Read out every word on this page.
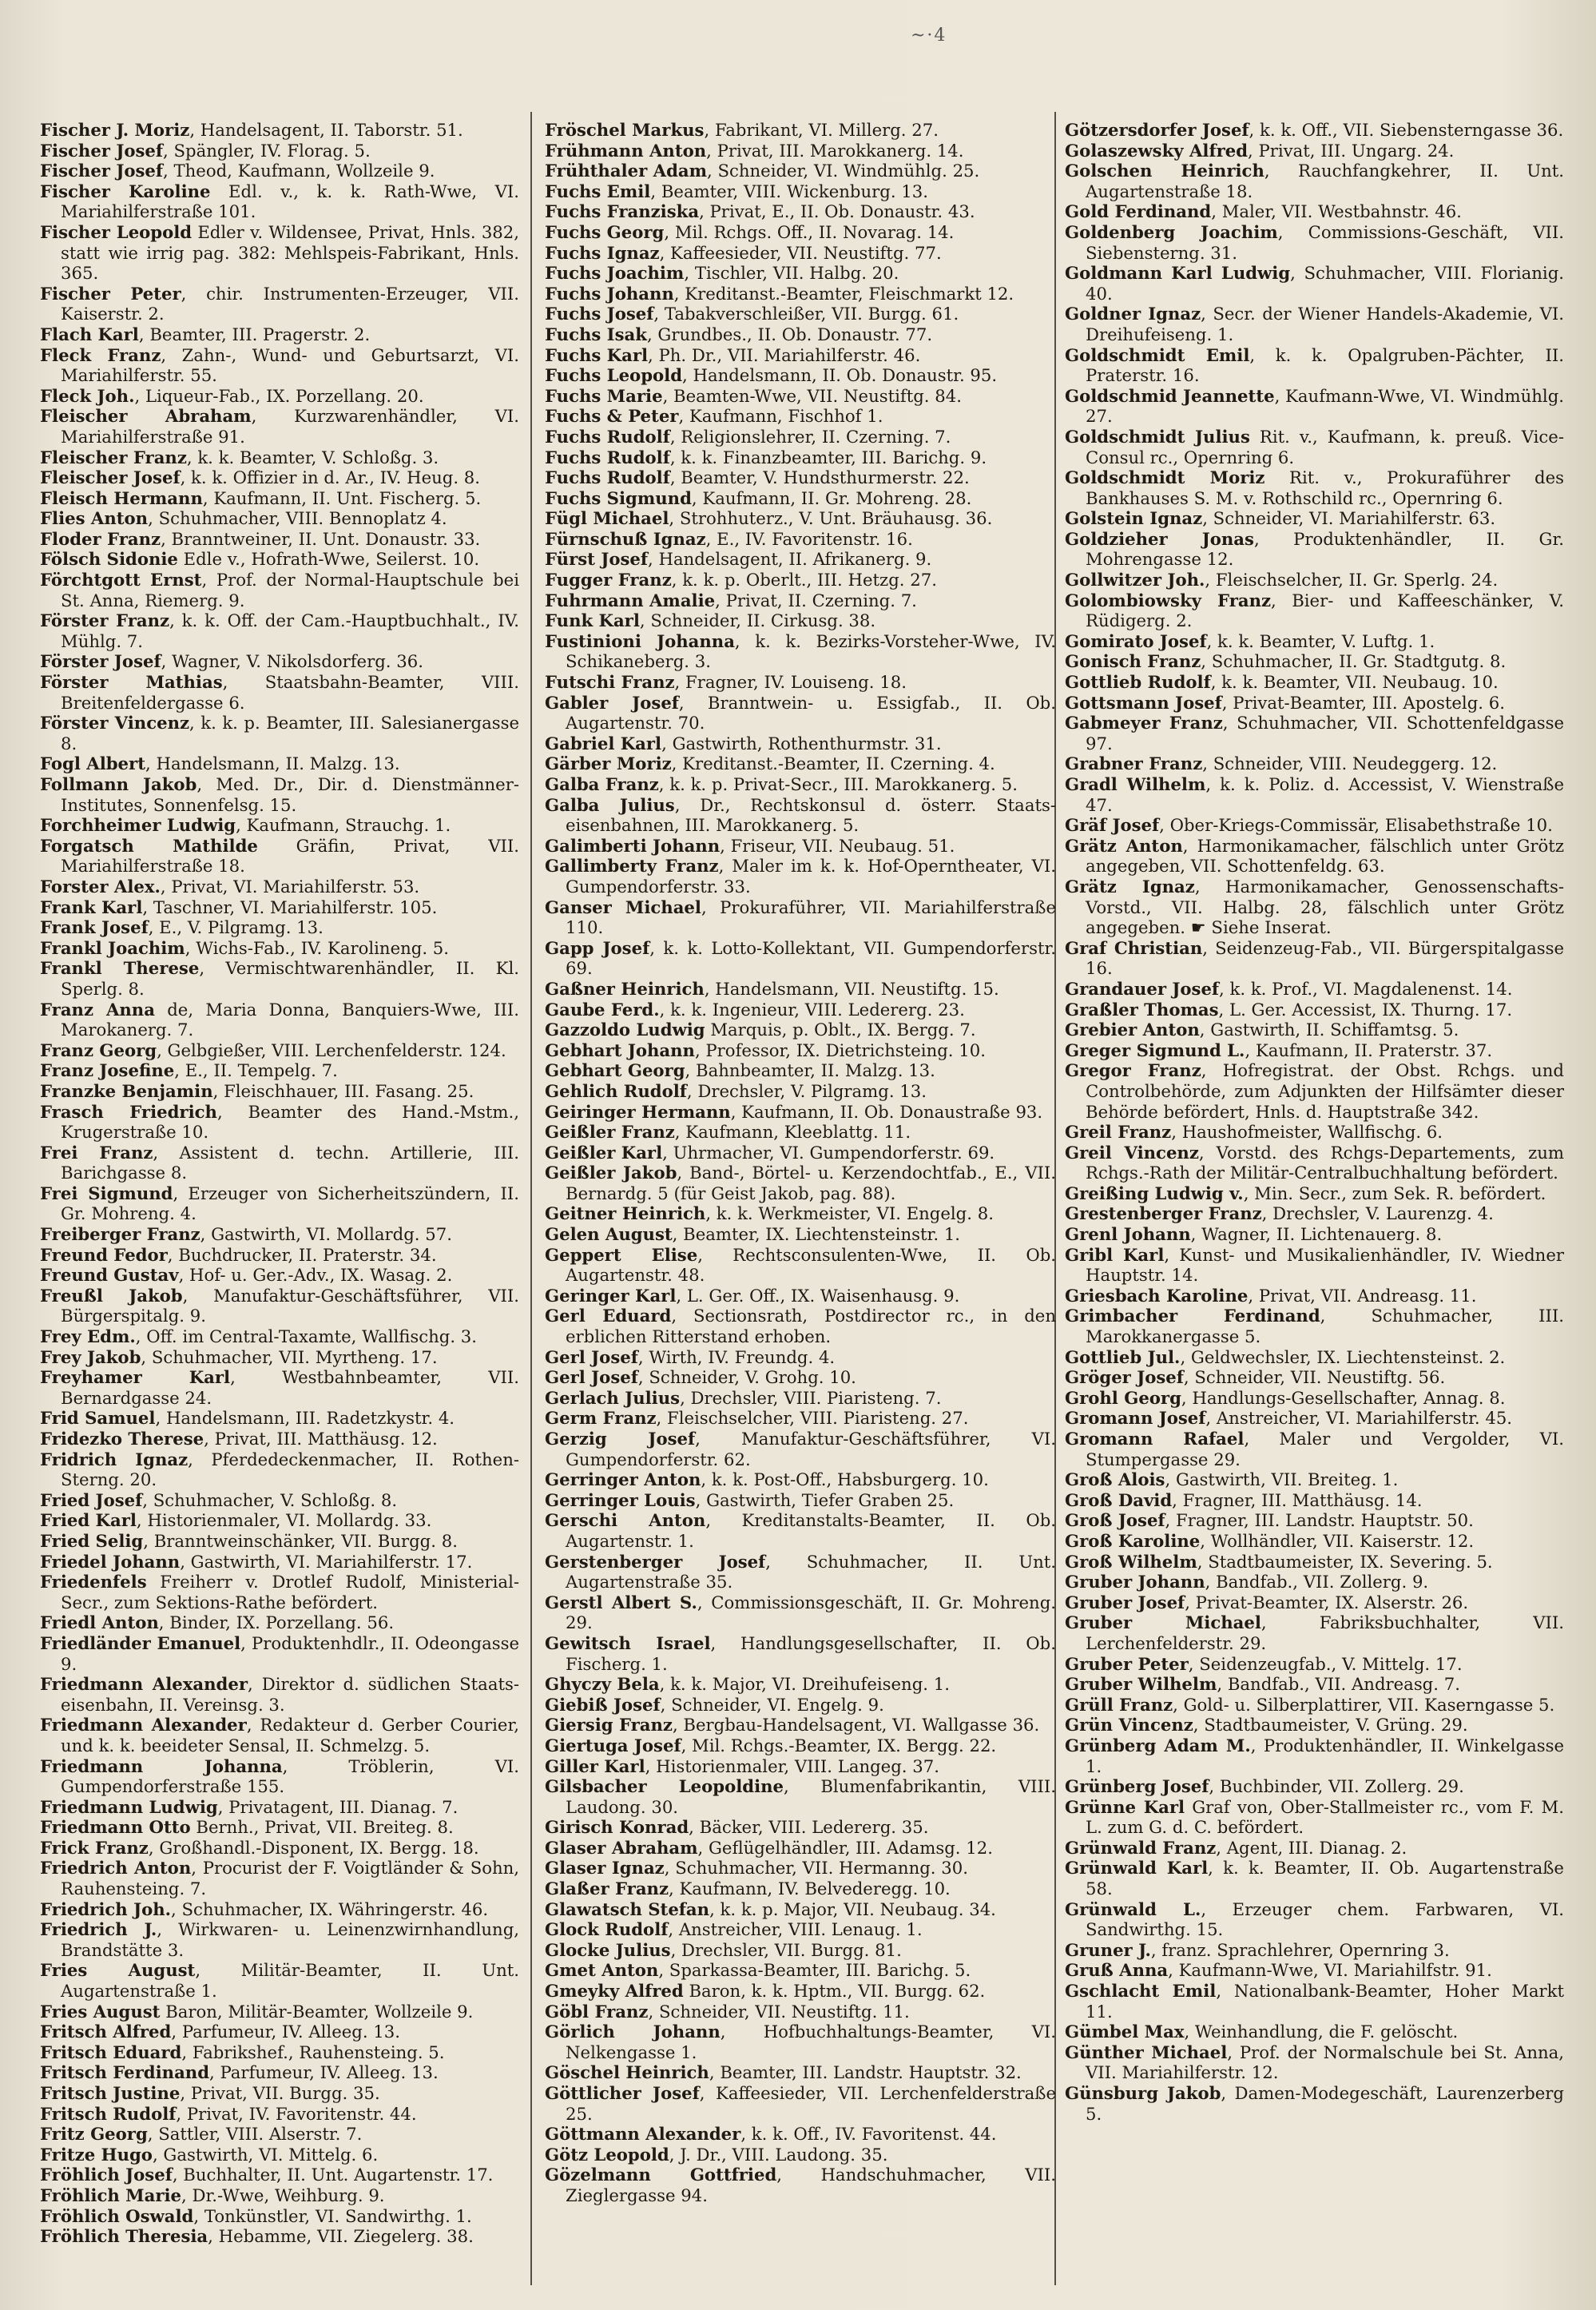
~·4
Fischer J. Moriz, Handelsagent, II. Taborstr. 51.
Fischer Josef, Spängler, IV. Florag. 5.
Fischer Josef, Theod, Kaufmann, Wollzeile 9.
Fischer Karoline Edl. v., k. k. Rath-Wwe, VI. Mariahilferstraße 101.
Fischer Leopold Edler v. Wildensee, Privat, Hnls. 382, statt wie irrig pag. 382: Mehlspeis-Fabrikant, Hnls. 365.
Fischer Peter, chir. Instrumenten-Erzeuger, VII. Kaiserstr. 2.
Flach Karl, Beamter, III. Pragerstr. 2.
Fleck Franz, Zahn-, Wund- und Geburtsarzt, VI. Mariahilferstr. 55.
Fleck Joh., Liqueur-Fab., IX. Porzellang. 20.
Fleischer Abraham, Kurzwarenhändler, VI. Mariahilferstraße 91.
Fleischer Franz, k. k. Beamter, V. Schloßg. 3.
Fleischer Josef, k. k. Offizier in d. Ar., IV. Heug. 8.
Fleisch Hermann, Kaufmann, II. Unt. Fischerg. 5.
Flies Anton, Schuhmacher, VIII. Bennoplatz 4.
Floder Franz, Branntweiner, II. Unt. Donaustr. 33.
Fölsch Sidonie Edle v., Hofrath-Wwe, Seilerst. 10.
Förchtgott Ernst, Prof. der Normal-Hauptschule bei St. Anna, Riemerg. 9.
Förster Franz, k. k. Off. der Cam.-Hauptbuchhalt., IV. Mühlg. 7.
Förster Josef, Wagner, V. Nikolsdorferg. 36.
Förster Mathias, Staatsbahn-Beamter, VIII. Breitenfeldergasse 6.
Förster Vincenz, k. k. p. Beamter, III. Salesianergasse 8.
Fogl Albert, Handelsmann, II. Malzg. 13.
Follmann Jakob, Med. Dr., Dir. d. Dienstmänner-Institutes, Sonnenfelsg. 15.
Forchheimer Ludwig, Kaufmann, Strauchg. 1.
Forgatsch Mathilde Gräfin, Privat, VII. Mariahilferstraße 18.
Forster Alex., Privat, VI. Mariahilferstr. 53.
Frank Karl, Taschner, VI. Mariahilferstr. 105.
Frank Josef, E., V. Pilgramg. 13.
Frankl Joachim, Wichs-Fab., IV. Karolineng. 5.
Frankl Therese, Vermischtwarenhändler, II. Kl. Sperlg. 8.
Franz Anna de, Maria Donna, Banquiers-Wwe, III. Marokanerg. 7.
Franz Georg, Gelbgießer, VIII. Lerchenfelderstr. 124.
Franz Josefine, E., II. Tempelg. 7.
Franzke Benjamin, Fleischhauer, III. Fasang. 25.
Frasch Friedrich, Beamter des Hand.-Mstm., Krugerstraße 10.
Frei Franz, Assistent d. techn. Artillerie, III. Barichgasse 8.
Frei Sigmund, Erzeuger von Sicherheitszündern, II. Gr. Mohreng. 4.
Freiberger Franz, Gastwirth, VI. Mollardg. 57.
Freund Fedor, Buchdrucker, II. Praterstr. 34.
Freund Gustav, Hof- u. Ger.-Adv., IX. Wasag. 2.
Freußl Jakob, Manufaktur-Geschäftsführer, VII. Bürgerspitalg. 9.
Frey Edm., Off. im Central-Taxamte, Wallfischg. 3.
Frey Jakob, Schuhmacher, VII. Myrtheng. 17.
Freyhamer Karl, Westbahnbeamter, VII. Bernardgasse 24.
Frid Samuel, Handelsmann, III. Radetzkystr. 4.
Fridezko Therese, Privat, III. Matthäusg. 12.
Fridrich Ignaz, Pferdedeckenmacher, II. Rothen-Sterng. 20.
Fried Josef, Schuhmacher, V. Schloßg. 8.
Fried Karl, Historienmaler, VI. Mollardg. 33.
Fried Selig, Branntweinschänker, VII. Burgg. 8.
Friedel Johann, Gastwirth, VI. Mariahilferstr. 17.
Friedenfels Freiherr v. Drotlef Rudolf, Ministerial-Secr., zum Sektions-Rathe befördert.
Friedl Anton, Binder, IX. Porzellang. 56.
Friedländer Emanuel, Produktenhdlr., II. Odeongasse 9.
Friedmann Alexander, Direktor d. südlichen Staats-eisenbahn, II. Vereinsg. 3.
Friedmann Alexander, Redakteur d. Gerber Courier, und k. k. beeideter Sensal, II. Schmelzg. 5.
Friedmann Johanna, Tröblerin, VI. Gumpendorferstraße 155.
Friedmann Ludwig, Privatagent, III. Dianag. 7.
Friedmann Otto Bernh., Privat, VII. Breiteg. 8.
Frick Franz, Großhandl.-Disponent, IX. Bergg. 18.
Friedrich Anton, Procurist der F. Voigtländer & Sohn, Rauhensteing. 7.
Friedrich Joh., Schuhmacher, IX. Währingerstr. 46.
Friedrich J., Wirkwaren- u. Leinenzwirnhandlung, Brandstätte 3.
Fries August, Militär-Beamter, II. Unt. Augartenstraße 1.
Fries August Baron, Militär-Beamter, Wollzeile 9.
Fritsch Alfred, Parfumeur, IV. Alleeg. 13.
Fritsch Eduard, Fabrikshef., Rauhensteing. 5.
Fritsch Ferdinand, Parfumeur, IV. Alleeg. 13.
Fritsch Justine, Privat, VII. Burgg. 35.
Fritsch Rudolf, Privat, IV. Favoritenstr. 44.
Fritz Georg, Sattler, VIII. Alserstr. 7.
Fritze Hugo, Gastwirth, VI. Mittelg. 6.
Fröhlich Josef, Buchhalter, II. Unt. Augartenstr. 17.
Fröhlich Marie, Dr.-Wwe, Weihburg. 9.
Fröhlich Oswald, Tonkünstler, VI. Sandwirthg. 1.
Fröhlich Theresia, Hebamme, VII. Ziegelerg. 38.
Fröschel Markus, Fabrikant, VI. Millerg. 27.
Frühmann Anton, Privat, III. Marokkanerg. 14.
Frühthaler Adam, Schneider, VI. Windmühlg. 25.
Fuchs Emil, Beamter, VIII. Wickenburg. 13.
Fuchs Franziska, Privat, E., II. Ob. Donaustr. 43.
Fuchs Georg, Mil. Rchgs. Off., II. Novarag. 14.
Fuchs Ignaz, Kaffeesieder, VII. Neustiftg. 77.
Fuchs Joachim, Tischler, VII. Halbg. 20.
Fuchs Johann, Kreditanst.-Beamter, Fleischmarkt 12.
Fuchs Josef, Tabakverschleißer, VII. Burgg. 61.
Fuchs Isak, Grundbes., II. Ob. Donaustr. 77.
Fuchs Karl, Ph. Dr., VII. Mariahilferstr. 46.
Fuchs Leopold, Handelsmann, II. Ob. Donaustr. 95.
Fuchs Marie, Beamten-Wwe, VII. Neustiftg. 84.
Fuchs & Peter, Kaufmann, Fischhof 1.
Fuchs Rudolf, Religionslehrer, II. Czerning. 7.
Fuchs Rudolf, k. k. Finanzbeamter, III. Barichg. 9.
Fuchs Rudolf, Beamter, V. Hundsthurmerstr. 22.
Fuchs Sigmund, Kaufmann, II. Gr. Mohreng. 28.
Fügl Michael, Strohhuterz., V. Unt. Bräuhausg. 36.
Fürnschuß Ignaz, E., IV. Favoritenstr. 16.
Fürst Josef, Handelsagent, II. Afrikanerg. 9.
Fugger Franz, k. k. p. Oberlt., III. Hetzg. 27.
Fuhrmann Amalie, Privat, II. Czerning. 7.
Funk Karl, Schneider, II. Cirkusg. 38.
Fustinioni Johanna, k. k. Bezirks-Vorsteher-Wwe, IV. Schikaneberg. 3.
Futschi Franz, Fragner, IV. Louiseng. 18.
Gabler Josef, Branntwein- u. Essigfab., II. Ob. Augartenstr. 70.
Gabriel Karl, Gastwirth, Rothenthurmstr. 31.
Gärber Moriz, Kreditanst.-Beamter, II. Czerning. 4.
Galba Franz, k. k. p. Privat-Secr., III. Marokkanerg. 5.
Galba Julius, Dr., Rechtskonsul d. österr. Staats-eisenbahnen, III. Marokkanerg. 5.
Galimberti Johann, Friseur, VII. Neubaug. 51.
Gallimberty Franz, Maler im k. k. Hof-Operntheater, VI. Gumpendorferstr. 33.
Ganser Michael, Prokuraführer, VII. Mariahilferstraße 110.
Gapp Josef, k. k. Lotto-Kollektant, VII. Gumpendorferstr. 69.
Gaßner Heinrich, Handelsmann, VII. Neustiftg. 15.
Gaube Ferd., k. k. Ingenieur, VIII. Ledererg. 23.
Gazzoldo Ludwig Marquis, p. Oblt., IX. Bergg. 7.
Gebhart Johann, Professor, IX. Dietrichsteing. 10.
Gebhart Georg, Bahnbeamter, II. Malzg. 13.
Gehlich Rudolf, Drechsler, V. Pilgramg. 13.
Geiringer Hermann, Kaufmann, II. Ob. Donaustraße 93.
Geißler Franz, Kaufmann, Kleeblattg. 11.
Geißler Karl, Uhrmacher, VI. Gumpendorferstr. 69.
Geißler Jakob, Band-, Börtel- u. Kerzendochtfab., E., VII. Bernardg. 5 (für Geist Jakob, pag. 88).
Geitner Heinrich, k. k. Werkmeister, VI. Engelg. 8.
Gelen August, Beamter, IX. Liechtensteinstr. 1.
Geppert Elise, Rechtsconsulenten-Wwe, II. Ob. Augartenstr. 48.
Geringer Karl, L. Ger. Off., IX. Waisenhausg. 9.
Gerl Eduard, Sectionsrath, Postdirector rc., in den erblichen Ritterstand erhoben.
Gerl Josef, Wirth, IV. Freundg. 4.
Gerl Josef, Schneider, V. Grohg. 10.
Gerlach Julius, Drechsler, VIII. Piaristeng. 7.
Germ Franz, Fleischselcher, VIII. Piaristeng. 27.
Gerzig Josef, Manufaktur-Geschäftsführer, VI. Gumpendorferstr. 62.
Gerringer Anton, k. k. Post-Off., Habsburgerg. 10.
Gerringer Louis, Gastwirth, Tiefer Graben 25.
Gerschi Anton, Kreditanstalts-Beamter, II. Ob. Augartenstr. 1.
Gerstenberger Josef, Schuhmacher, II. Unt. Augartenstraße 35.
Gerstl Albert S., Commissionsgeschäft, II. Gr. Mohreng. 29.
Gewitsch Israel, Handlungsgesellschafter, II. Ob. Fischerg. 1.
Ghyczy Bela, k. k. Major, VI. Dreihufeiseng. 1.
Giebiß Josef, Schneider, VI. Engelg. 9.
Giersig Franz, Bergbau-Handelsagent, VI. Wallgasse 36.
Giertuga Josef, Mil. Rchgs.-Beamter, IX. Bergg. 22.
Giller Karl, Historienmaler, VIII. Langeg. 37.
Gilsbacher Leopoldine, Blumenfabrikantin, VIII. Laudong. 30.
Girisch Konrad, Bäcker, VIII. Ledererg. 35.
Glaser Abraham, Geflügelhändler, III. Adamsg. 12.
Glaser Ignaz, Schuhmacher, VII. Hermanng. 30.
Glaßer Franz, Kaufmann, IV. Belvederegg. 10.
Glawatsch Stefan, k. k. p. Major, VII. Neubaug. 34.
Glock Rudolf, Anstreicher, VIII. Lenaug. 1.
Glocke Julius, Drechsler, VII. Burgg. 81.
Gmet Anton, Sparkassa-Beamter, III. Barichg. 5.
Gmeyky Alfred Baron, k. k. Hptm., VII. Burgg. 62.
Göbl Franz, Schneider, VII. Neustiftg. 11.
Görlich Johann, Hofbuchhaltungs-Beamter, VI. Nelkengasse 1.
Göschel Heinrich, Beamter, III. Landstr. Hauptstr. 32.
Göttlicher Josef, Kaffeesieder, VII. Lerchenfelderstraße 25.
Göttmann Alexander, k. k. Off., IV. Favoritenst. 44.
Götz Leopold, J. Dr., VIII. Laudong. 35.
Gözelmann Gottfried, Handschuhmacher, VII. Zieglergasse 94.
Götzersdorfer Josef, k. k. Off., VII. Siebensterngasse 36.
Golaszewsky Alfred, Privat, III. Ungarg. 24.
Golschen Heinrich, Rauchfangkehrer, II. Unt. Augartenstraße 18.
Gold Ferdinand, Maler, VII. Westbahnstr. 46.
Goldenberg Joachim, Commissions-Geschäft, VII. Siebensterng. 31.
Goldmann Karl Ludwig, Schuhmacher, VIII. Florianig. 40.
Goldner Ignaz, Secr. der Wiener Handels-Akademie, VI. Dreihufeiseng. 1.
Goldschmidt Emil, k. k. Opalgruben-Pächter, II. Praterstr. 16.
Goldschmid Jeannette, Kaufmann-Wwe, VI. Windmühlg. 27.
Goldschmidt Julius Rit. v., Kaufmann, k. preuß. Vice-Consul rc., Opernring 6.
Goldschmidt Moriz Rit. v., Prokuraführer des Bankhauses S. M. v. Rothschild rc., Opernring 6.
Golstein Ignaz, Schneider, VI. Mariahilferstr. 63.
Goldzieher Jonas, Produktenhändler, II. Gr. Mohrengasse 12.
Gollwitzer Joh., Fleischselcher, II. Gr. Sperlg. 24.
Golombiowsky Franz, Bier- und Kaffeeschänker, V. Rüdigerg. 2.
Gomirato Josef, k. k. Beamter, V. Luftg. 1.
Gonisch Franz, Schuhmacher, II. Gr. Stadtgutg. 8.
Gottlieb Rudolf, k. k. Beamter, VII. Neubaug. 10.
Gottsmann Josef, Privat-Beamter, III. Apostelg. 6.
Gabmeyer Franz, Schuhmacher, VII. Schottenfeldgasse 97.
Grabner Franz, Schneider, VIII. Neudeggerg. 12.
Gradl Wilhelm, k. k. Poliz. d. Accessist, V. Wienstraße 47.
Gräf Josef, Ober-Kriegs-Commissär, Elisabethstraße 10.
Grätz Anton, Harmonikamacher, fälschlich unter Grötz angegeben, VII. Schottenfeldg. 63.
Grätz Ignaz, Harmonikamacher, Genossenschafts-Vorstd., VII. Halbg. 28, fälschlich unter Grötz angegeben. ☛ Siehe Inserat.
Graf Christian, Seidenzeug-Fab., VII. Bürgerspitalgasse 16.
Grandauer Josef, k. k. Prof., VI. Magdalenenst. 14.
Graßler Thomas, L. Ger. Accessist, IX. Thurng. 17.
Grebier Anton, Gastwirth, II. Schiffamtsg. 5.
Greger Sigmund L., Kaufmann, II. Praterstr. 37.
Gregor Franz, Hofregistrat. der Obst. Rchgs. und Controlbehörde, zum Adjunkten der Hilfsämter dieser Behörde befördert, Hnls. d. Hauptstraße 342.
Greil Franz, Haushofmeister, Wallfischg. 6.
Greil Vincenz, Vorstd. des Rchgs-Departements, zum Rchgs.-Rath der Militär-Centralbuchhaltung befördert.
Greißing Ludwig v., Min. Secr., zum Sek. R. befördert.
Grestenberger Franz, Drechsler, V. Laurenzg. 4.
Grenl Johann, Wagner, II. Lichtenauerg. 8.
Gribl Karl, Kunst- und Musikalienhändler, IV. Wiedner Hauptstr. 14.
Griesbach Karoline, Privat, VII. Andreasg. 11.
Grimbacher Ferdinand, Schuhmacher, III. Marokkanergasse 5.
Gottlieb Jul., Geldwechsler, IX. Liechtensteinst. 2.
Gröger Josef, Schneider, VII. Neustiftg. 56.
Grohl Georg, Handlungs-Gesellschafter, Annag. 8.
Gromann Josef, Anstreicher, VI. Mariahilferstr. 45.
Gromann Rafael, Maler und Vergolder, VI. Stumpergasse 29.
Groß Alois, Gastwirth, VII. Breiteg. 1.
Groß David, Fragner, III. Matthäusg. 14.
Groß Josef, Fragner, III. Landstr. Hauptstr. 50.
Groß Karoline, Wollhändler, VII. Kaiserstr. 12.
Groß Wilhelm, Stadtbaumeister, IX. Severing. 5.
Gruber Johann, Bandfab., VII. Zollerg. 9.
Gruber Josef, Privat-Beamter, IX. Alserstr. 26.
Gruber Michael, Fabriksbuchhalter, VII. Lerchenfelderstr. 29.
Gruber Peter, Seidenzeugfab., V. Mittelg. 17.
Gruber Wilhelm, Bandfab., VII. Andreasg. 7.
Grüll Franz, Gold- u. Silberplattirer, VII. Kaserngasse 5.
Grün Vincenz, Stadtbaumeister, V. Grüng. 29.
Grünberg Adam M., Produktenhändler, II. Winkelgasse 1.
Grünberg Josef, Buchbinder, VII. Zollerg. 29.
Grünne Karl Graf von, Ober-Stallmeister rc., vom F. M. L. zum G. d. C. befördert.
Grünwald Franz, Agent, III. Dianag. 2.
Grünwald Karl, k. k. Beamter, II. Ob. Augartenstraße 58.
Grünwald L., Erzeuger chem. Farbwaren, VI. Sandwirthg. 15.
Gruner J., franz. Sprachlehrer, Opernring 3.
Gruß Anna, Kaufmann-Wwe, VI. Mariahilfstr. 91.
Gschlacht Emil, Nationalbank-Beamter, Hoher Markt 11.
Gümbel Max, Weinhandlung, die F. gelöscht.
Günther Michael, Prof. der Normalschule bei St. Anna, VII. Mariahilferstr. 12.
Günsburg Jakob, Damen-Modegeschäft, Laurenzerberg 5.
